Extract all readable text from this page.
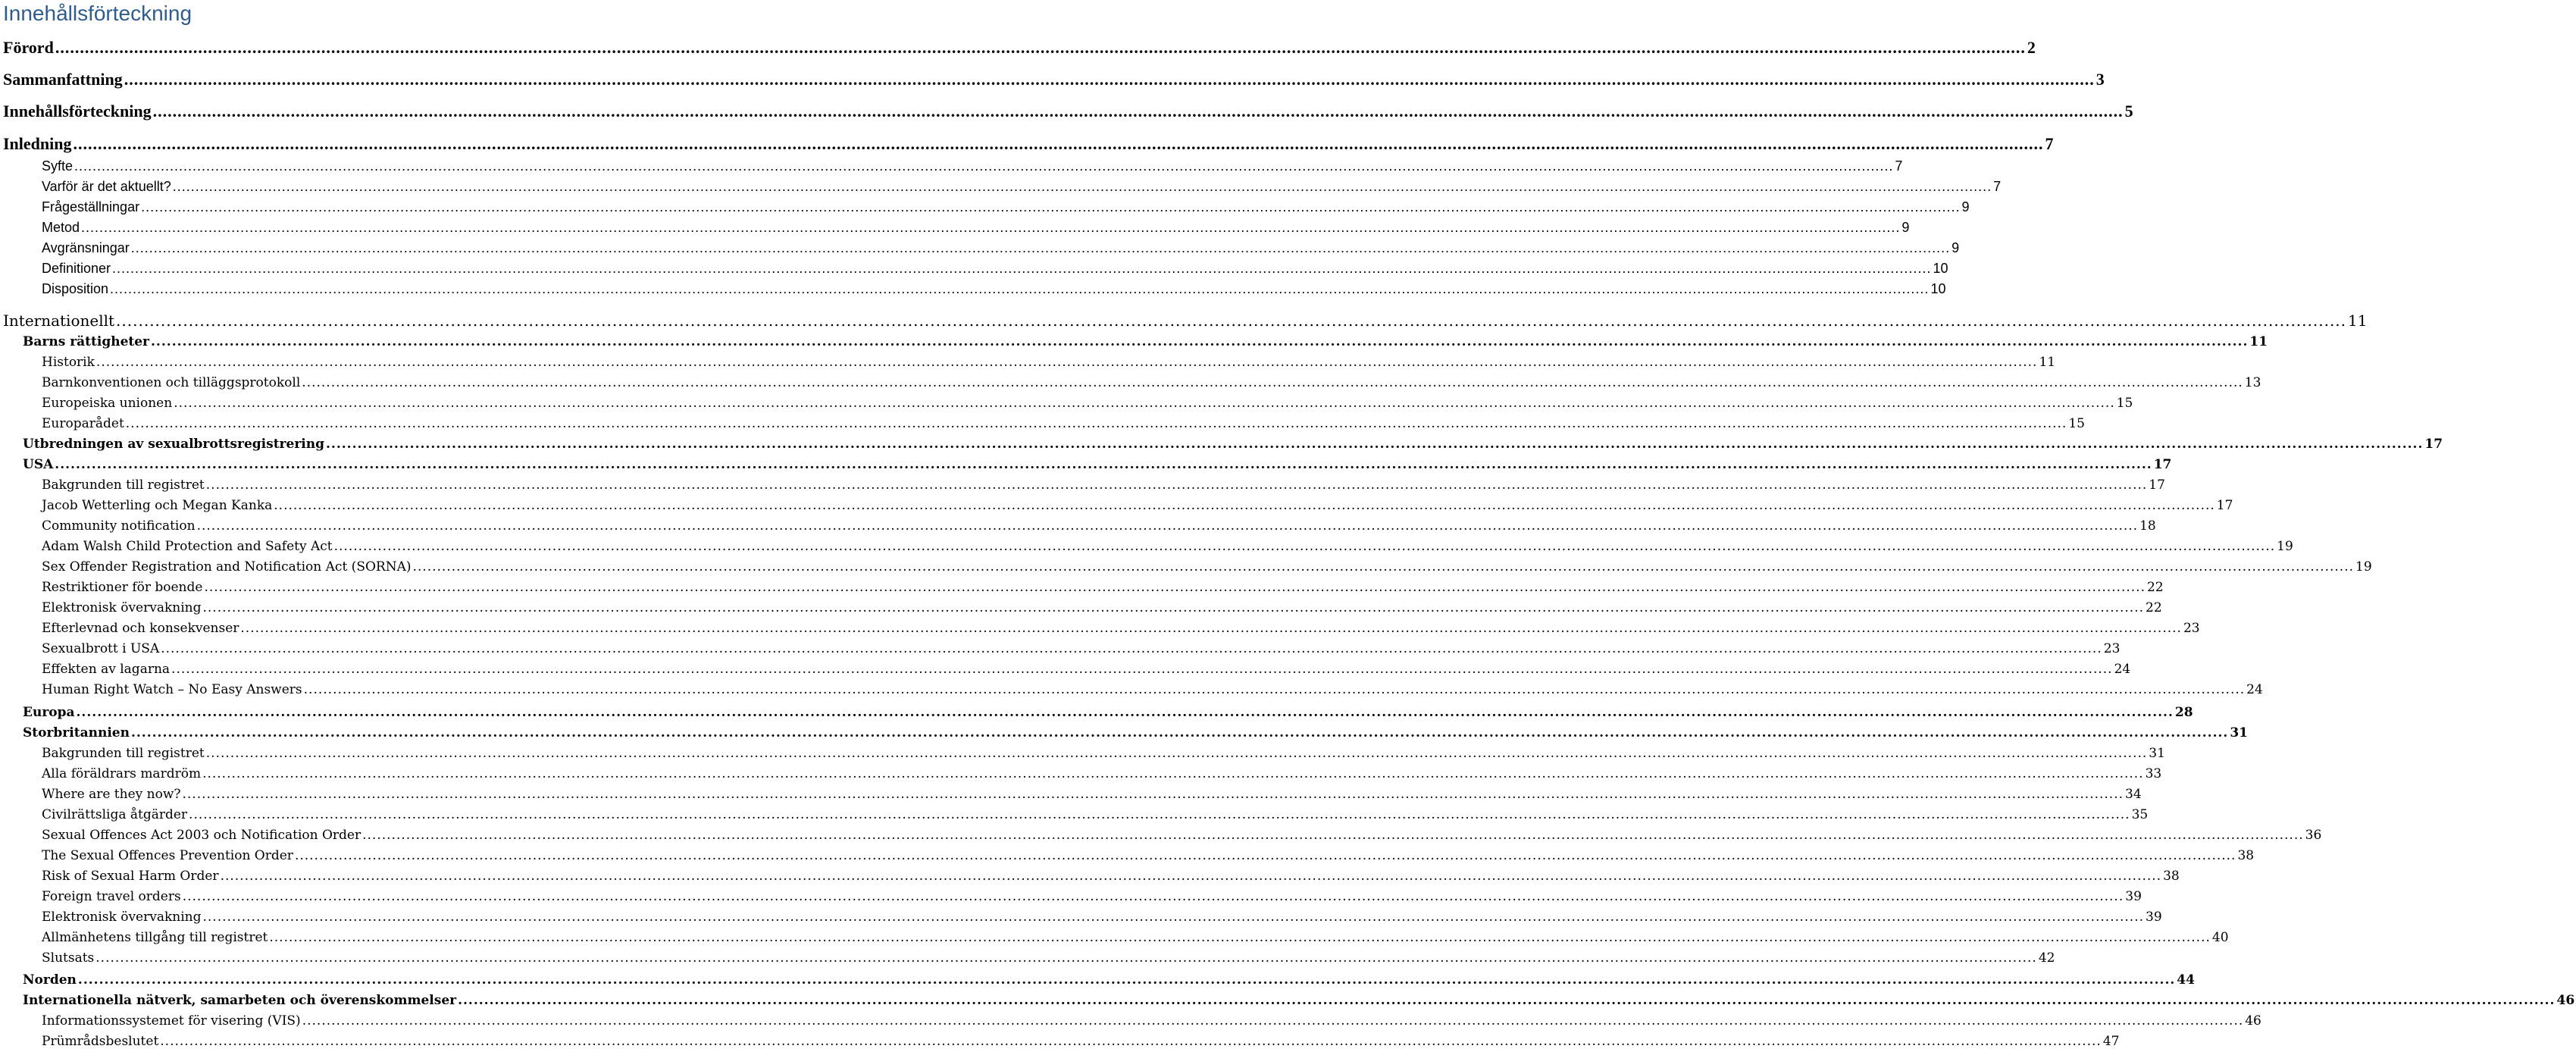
Innehållsförteckning
Förord ................................................................................................................................................................................................................................................................................................................................................................................................................ 2
Sammanfattning ................................................................................................................................................................................................................................................................................................................................................................................................................ 3
Innehållsförteckning ................................................................................................................................................................................................................................................................................................................................................................................................................ 5
Inledning ................................................................................................................................................................................................................................................................................................................................................................................................................ 7
Syfte ................................................................................................................................................................................................................................................................................................................................................................................................................ 7
Varför är det aktuellt? ................................................................................................................................................................................................................................................................................................................................................................................................................ 7
Frågeställningar ................................................................................................................................................................................................................................................................................................................................................................................................................ 9
Metod ................................................................................................................................................................................................................................................................................................................................................................................................................ 9
Avgränsningar ................................................................................................................................................................................................................................................................................................................................................................................................................ 9
Definitioner ................................................................................................................................................................................................................................................................................................................................................................................................................ 10
Disposition ................................................................................................................................................................................................................................................................................................................................................................................................................ 10
Internationellt ................................................................................................................................................................................................................................................................................................................................................................................................................ 11
Barns rättigheter ................................................................................................................................................................................................................................................................................................................................................................................................................ 11
Historik ................................................................................................................................................................................................................................................................................................................................................................................................................ 11
Barnkonventionen och tilläggsprotokoll ................................................................................................................................................................................................................................................................................................................................................................................................................ 13
Europeiska unionen ................................................................................................................................................................................................................................................................................................................................................................................................................ 15
Europarådet ................................................................................................................................................................................................................................................................................................................................................................................................................ 15
Utbredningen av sexualbrottsregistrering ................................................................................................................................................................................................................................................................................................................................................................................................................ 17
USA ................................................................................................................................................................................................................................................................................................................................................................................................................ 17
Bakgrunden till registret ................................................................................................................................................................................................................................................................................................................................................................................................................ 17
Jacob Wetterling och Megan Kanka ................................................................................................................................................................................................................................................................................................................................................................................................................ 17
Community notification ................................................................................................................................................................................................................................................................................................................................................................................................................ 18
Adam Walsh Child Protection and Safety Act ................................................................................................................................................................................................................................................................................................................................................................................................................ 19
Sex Offender Registration and Notification Act (SORNA) ................................................................................................................................................................................................................................................................................................................................................................................................................ 19
Restriktioner för boende ................................................................................................................................................................................................................................................................................................................................................................................................................ 22
Elektronisk övervakning ................................................................................................................................................................................................................................................................................................................................................................................................................ 22
Efterlevnad och konsekvenser ................................................................................................................................................................................................................................................................................................................................................................................................................ 23
Sexualbrott i USA ................................................................................................................................................................................................................................................................................................................................................................................................................ 23
Effekten av lagarna ................................................................................................................................................................................................................................................................................................................................................................................................................ 24
Human Right Watch – No Easy Answers ................................................................................................................................................................................................................................................................................................................................................................................................................ 24
Europa ................................................................................................................................................................................................................................................................................................................................................................................................................ 28
Storbritannien ................................................................................................................................................................................................................................................................................................................................................................................................................ 31
Bakgrunden till registret ................................................................................................................................................................................................................................................................................................................................................................................................................ 31
Alla föräldrars mardröm ................................................................................................................................................................................................................................................................................................................................................................................................................ 33
Where are they now? ................................................................................................................................................................................................................................................................................................................................................................................................................ 34
Civilrättsliga åtgärder ................................................................................................................................................................................................................................................................................................................................................................................................................ 35
Sexual Offences Act 2003 och Notification Order ................................................................................................................................................................................................................................................................................................................................................................................................................ 36
The Sexual Offences Prevention Order ................................................................................................................................................................................................................................................................................................................................................................................................................ 38
Risk of Sexual Harm Order ................................................................................................................................................................................................................................................................................................................................................................................................................ 38
Foreign travel orders ................................................................................................................................................................................................................................................................................................................................................................................................................ 39
Elektronisk övervakning ................................................................................................................................................................................................................................................................................................................................................................................................................ 39
Allmänhetens tillgång till registret ................................................................................................................................................................................................................................................................................................................................................................................................................ 40
Slutsats ................................................................................................................................................................................................................................................................................................................................................................................................................ 42
Norden ................................................................................................................................................................................................................................................................................................................................................................................................................ 44
Internationella nätverk, samarbeten och överenskommelser ................................................................................................................................................................................................................................................................................................................................................................................................................ 46
Informationssystemet för visering (VIS) ................................................................................................................................................................................................................................................................................................................................................................................................................ 46
Prümrådsbeslutet ................................................................................................................................................................................................................................................................................................................................................................................................................ 47
